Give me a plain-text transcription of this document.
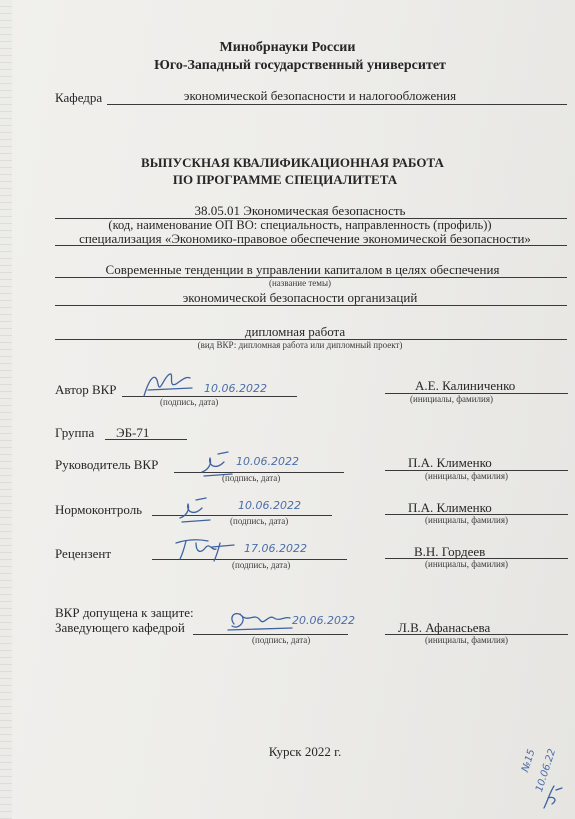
Минобрнауки России
Юго-Западный государственный университет
Кафедра	экономической безопасности и налогообложения
ВЫПУСКНАЯ КВАЛИФИКАЦИОННАЯ РАБОТА
ПО ПРОГРАММЕ СПЕЦИАЛИТЕТА
38.05.01 Экономическая безопасность
(код, наименование ОП ВО: специальность, направленность (профиль))
специализация «Экономико-правовое обеспечение экономической безопасности»
Современные тенденции в управлении капиталом в целях обеспечения
(название темы)
экономической безопасности организаций
дипломная работа
(вид ВКР: дипломная работа или дипломный проект)
Автор ВКР	10.06.2022
(подпись, дата)
А.Е. Калиниченко
(инициалы, фамилия)
Группа ЭБ-71
Руководитель ВКР	10.06.2022
(подпись, дата)
П.А. Клименко
(инициалы, фамилия)
Нормоконтроль	10.06.2022
(подпись, дата)
П.А. Клименко
(инициалы, фамилия)
Рецензент	17.06.2022
(подпись, дата)
В.Н. Гордеев
(инициалы, фамилия)
ВКР допущена к защите:
Заведующего кафедрой	20.06.2022
(подпись, дата)
Л.В. Афанасьева
(инициалы, фамилия)
Курск 2022 г.	№15
10.06.22
